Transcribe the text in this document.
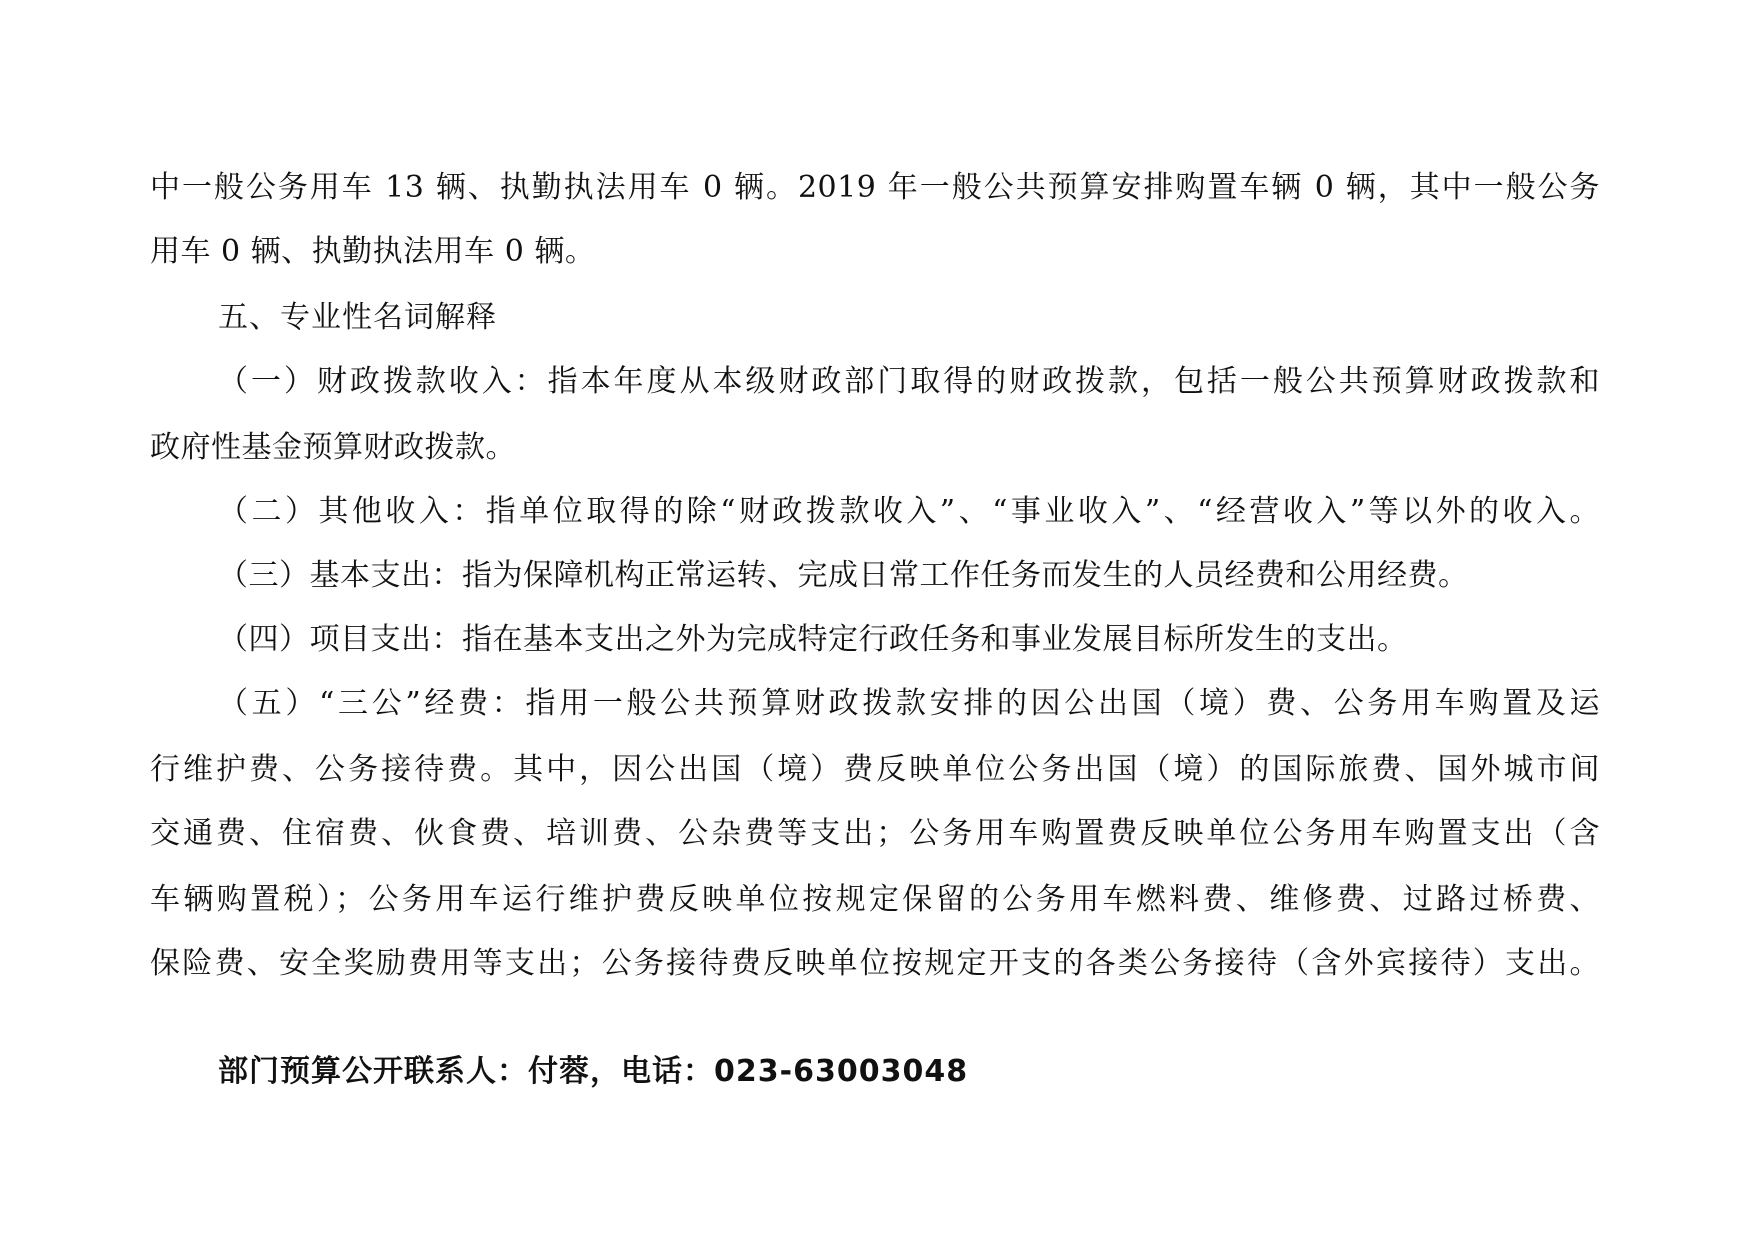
中一般公务用车 13 辆、执勤执法用车 0 辆。2019 年一般公共预算安排购置车辆 0 辆，其中一般公务
用车 0 辆、执勤执法用车 0 辆。
五、专业性名词解释
（一）财政拨款收入：指本年度从本级财政部门取得的财政拨款，包括一般公共预算财政拨款和
政府性基金预算财政拨款。
（二）其他收入：指单位取得的除“财政拨款收入”、“事业收入”、“经营收入”等以外的收入。
（三）基本支出：指为保障机构正常运转、完成日常工作任务而发生的人员经费和公用经费。
（四）项目支出：指在基本支出之外为完成特定行政任务和事业发展目标所发生的支出。
（五）“三公”经费：指用一般公共预算财政拨款安排的因公出国（境）费、公务用车购置及运
行维护费、公务接待费。其中，因公出国（境）费反映单位公务出国（境）的国际旅费、国外城市间
交通费、住宿费、伙食费、培训费、公杂费等支出；公务用车购置费反映单位公务用车购置支出（含
车辆购置税）；公务用车运行维护费反映单位按规定保留的公务用车燃料费、维修费、过路过桥费、
保险费、安全奖励费用等支出；公务接待费反映单位按规定开支的各类公务接待（含外宾接待）支出。
部门预算公开联系人：付蓉，电话：023-63003048
